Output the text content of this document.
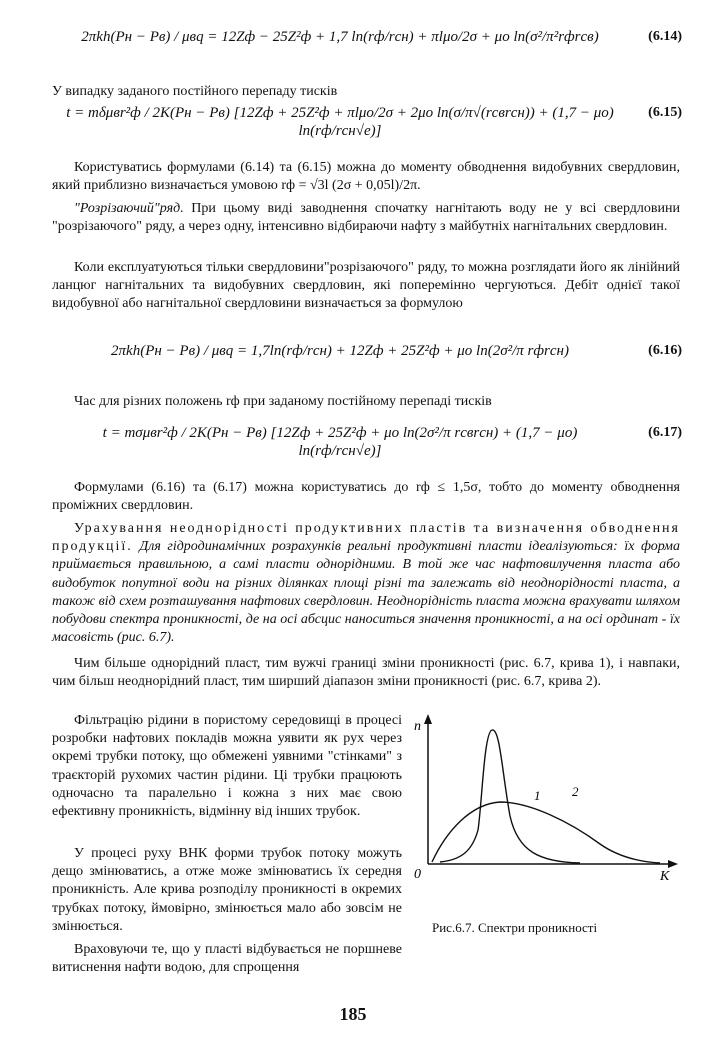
2πkh(Pн − Pв) / μвq = 12Zф − 25Z²ф + 1,7 ln(rф/rсн) + πlμo/2σ + μo ln(σ²/π²rфrсв)	(6.14)
У випадку заданого постійного перепаду тисків
t = mδμвr²ф / 2K(Pн − Pв) [12Zф + 25Z²ф + πlμo/2σ + 2μo ln(σ/π√(rсвrсн)) + (1,7 − μo) ln(rф/rсн√e)]
(6.15)
Користуватись формулами (6.14) та (6.15) можна до моменту обводнення видобувних свердловин, який приблизно визначається умовою rф = √3l (2σ + 0,05l)/2π.
"Розрізаючий"ряд. При цьому виді заводнення спочатку нагнітають воду не у всі свердловини "розрізаючого" ряду, а через одну, інтенсивно відбираючи нафту з майбутніх нагнітальних свердловин.
Коли експлуатуються тільки свердловини"розрізаючого" ряду, то можна розглядати його як лінійний ланцюг нагнітальних та видобувних свердловин, які поперемінно чергуються. Дебіт однієї такої видобувної або нагнітальної свердловини визначається за формулою
2πkh(Pн − Pв) / μвq = 1,7ln(rф/rсн) + 12Zф + 25Z²ф + μo ln(2σ²/π rфrсн)	(6.16)
Час для різних положень rф при заданому постійному перепаді тисків
t = mσμвr²ф / 2K(Pн − Pв) [12Zф + 25Z²ф + μo ln(2σ²/π rсвrсн) + (1,7 − μo) ln(rф/rсн√e)]
(6.17)
Формулами (6.16) та (6.17) можна користуватись до rф ≤ 1,5σ, тобто до моменту обводнення проміжних свердловин.
Урахування неоднорідності продуктивних пластів та визначення обводнення продукції. Для гідродинамічних розрахунків реальні продуктивні пласти ідеалізуються: їх форма приймається правильною, а самі пласти однорідними. В той же час нафтовилучення пласта або видобуток попутної води на різних ділянках площі різні та залежать від неоднорідності пласта, а також від схем розташування нафтових свердловин. Неоднорідність пласта можна врахувати шляхом побудови спектра проникності, де на осі абсцис наноситься значення проникності, а на осі ординат - їх масовість (рис. 6.7).
Чим більше однорідний пласт, тим вужчі границі зміни проникності (рис. 6.7, крива 1), і навпаки, чим більш неоднорідний пласт, тим ширший діапазон зміни проникності (рис. 6.7, крива 2).
Фільтрацію рідини в пористому середовищі в процесі розробки нафтових покладів можна уявити як рух через окремі трубки потоку, що обмежені уявними "стінками" з траєкторій рухомих частин рідини. Ці трубки працюють одночасно та паралельно і кожна з них має свою ефективну проникність, відмінну від інших трубок.
У процесі руху ВНК форми трубок потоку можуть дещо змінюватись, а отже може змінюватись їх середня проникність. Але крива розподілу проникності в окремих трубках потоку, ймовірно, змінюється мало або зовсім не змінюється.
Враховуючи те, що у пласті відбувається не поршневе витиснення нафти водою, для спрощення
n
K
0
1 2
Рис.6.7. Спектри проникності
185
